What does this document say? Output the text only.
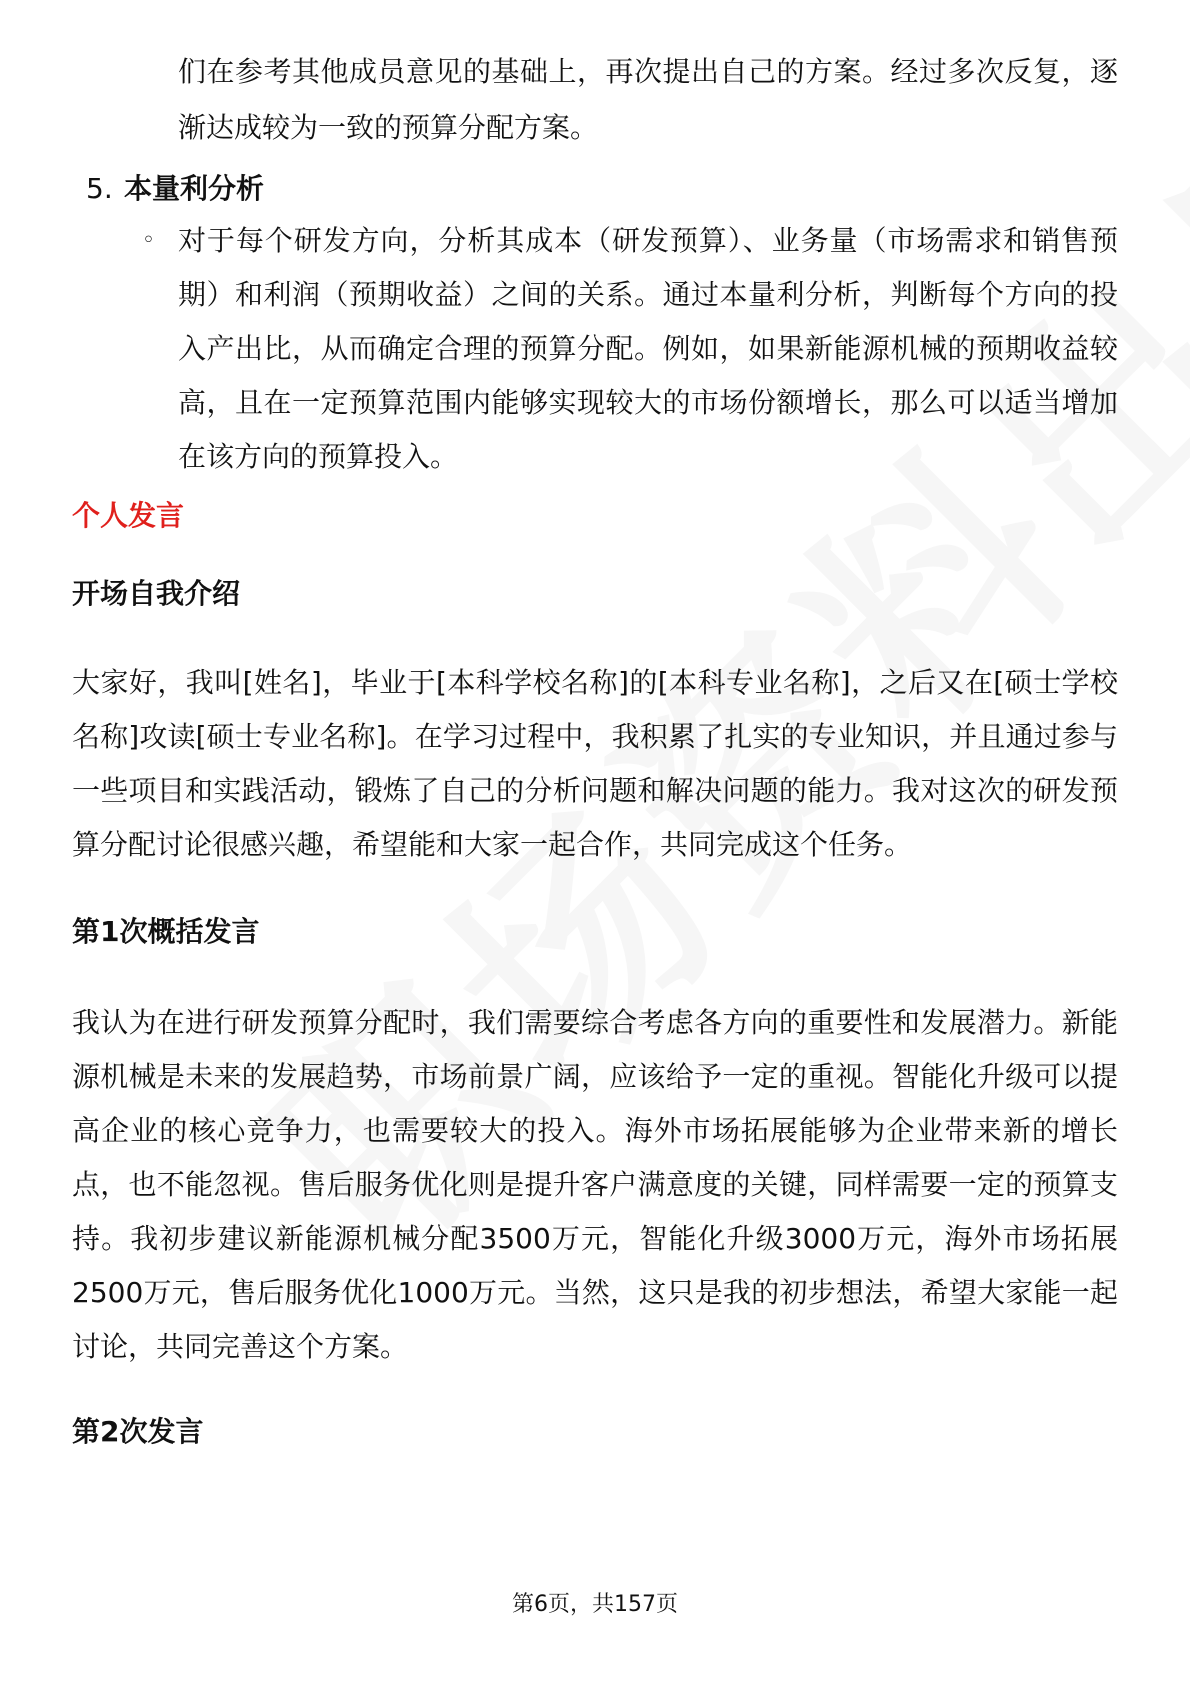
们在参考其他成员意见的基础上，再次提出自己的方案。经过多次反复，逐渐达成较为一致的预算分配方案。
5. 本量利分析
◦ 对于每个研发方向，分析其成本（研发预算）、业务量（市场需求和销售预期）和利润（预期收益）之间的关系。通过本量利分析，判断每个方向的投入产出比，从而确定合理的预算分配。例如，如果新能源机械的预期收益较高，且在一定预算范围内能够实现较大的市场份额增长，那么可以适当增加在该方向的预算投入。
个人发言
开场自我介绍
大家好，我叫[姓名]，毕业于[本科学校名称]的[本科专业名称]，之后又在[硕士学校名称]攻读[硕士专业名称]。在学习过程中，我积累了扎实的专业知识，并且通过参与一些项目和实践活动，锻炼了自己的分析问题和解决问题的能力。我对这次的研发预算分配讨论很感兴趣，希望能和大家一起合作，共同完成这个任务。
第1次概括发言
我认为在进行研发预算分配时，我们需要综合考虑各方向的重要性和发展潜力。新能源机械是未来的发展趋势，市场前景广阔，应该给予一定的重视。智能化升级可以提高企业的核心竞争力，也需要较大的投入。海外市场拓展能够为企业带来新的增长点，也不能忽视。售后服务优化则是提升客户满意度的关键，同样需要一定的预算支持。我初步建议新能源机械分配3500万元，智能化升级3000万元，海外市场拓展2500万元，售后服务优化1000万元。当然，这只是我的初步想法，希望大家能一起讨论，共同完善这个方案。
第2次发言
第6页，共157页
